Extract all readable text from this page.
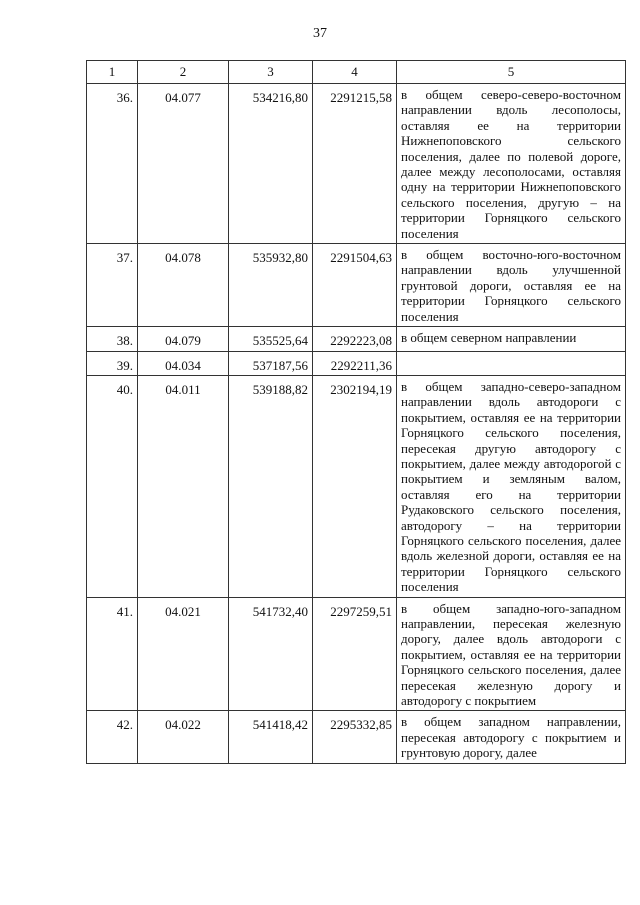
37
1	2	3	4	5
36.	04.077	534216,80	2291215,58	в общем северо-северо-восточном направлении вдоль лесополосы, оставляя ее на территории Нижнепоповского сельского поселения, далее по полевой дороге, далее между лесополосами, оставляя одну на территории Нижнепоповского сельского поселения, другую – на территории Горняцкого сельского поселения
37.	04.078	535932,80	2291504,63	в общем восточно-юго-восточном направлении вдоль улучшенной грунтовой дороги, оставляя ее на территории Горняцкого сельского поселения
38.	04.079	535525,64	2292223,08	в общем северном направлении
39.	04.034	537187,56	2292211,36	
40.	04.011	539188,82	2302194,19	в общем западно-северо-западном направлении вдоль автодороги с покрытием, оставляя ее на территории Горняцкого сельского поселения, пересекая другую автодорогу с покрытием, далее между автодорогой с покрытием и земляным валом, оставляя его на территории Рудаковского сельского поселения, автодорогу – на территории Горняцкого сельского поселения, далее вдоль железной дороги, оставляя ее на территории Горняцкого сельского поселения
41.	04.021	541732,40	2297259,51	в общем западно-юго-западном направлении, пересекая железную дорогу, далее вдоль автодороги с покрытием, оставляя ее на территории Горняцкого сельского поселения, далее пересекая железную дорогу и автодорогу с покрытием
42.	04.022	541418,42	2295332,85	в общем западном направлении, пересекая автодорогу с покрытием и грунтовую дорогу, далее
